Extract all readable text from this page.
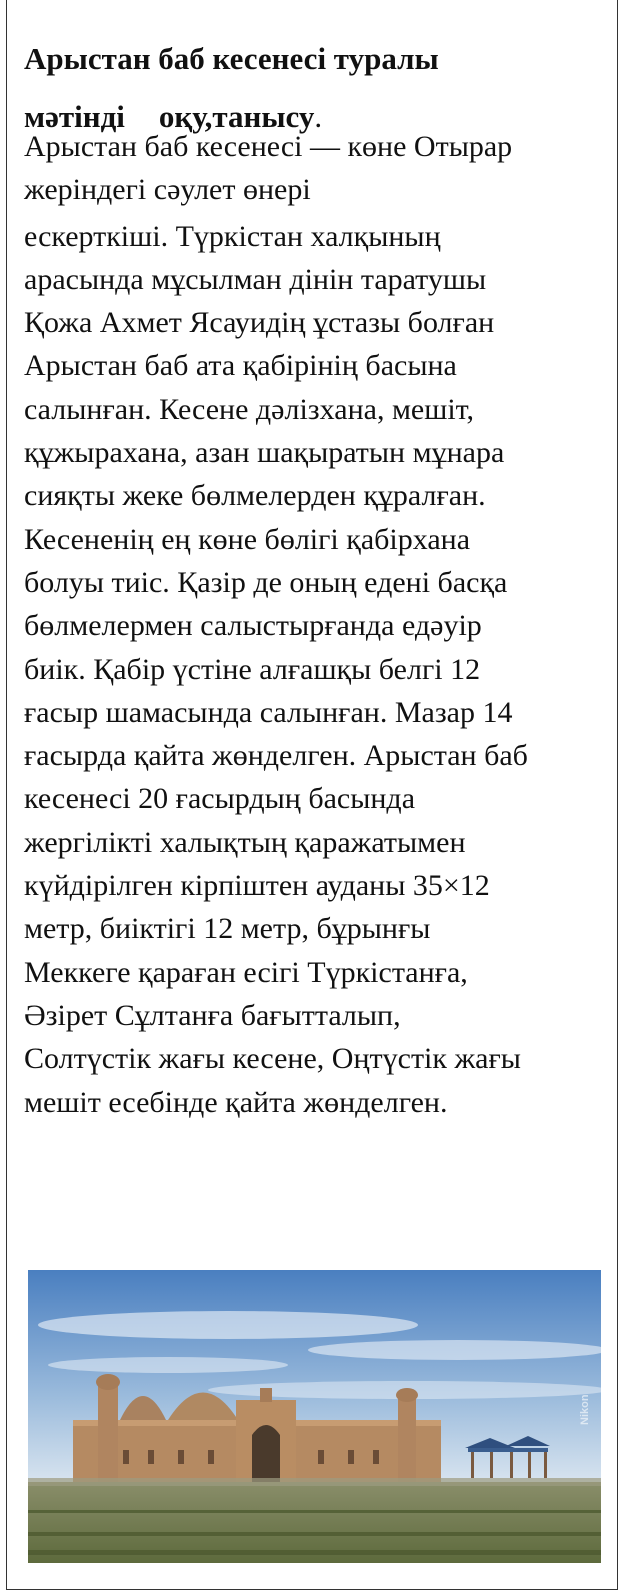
Арыстан баб кесенесі туралы
мәтінді оқу,танысу.
Арыстан баб кесенесі — көне Отырар
жеріндегі сәулет өнері
ескерткіші. Түркістан халқының
арасында мұсылман дінін таратушы
Қожа Ахмет Ясауидің ұстазы болған
Арыстан баб ата қабірінің басына
салынған. Кесене дәлізхана, мешіт,
құжырахана, азан шақыратын мұнара
сияқты жеке бөлмелерден құралған.
Кесененің ең көне бөлігі қабірхана
болуы тиіс. Қазір де оның едені басқа
бөлмелермен салыстырғанда едәуір
биік. Қабір үстіне алғашқы белгі 12
ғасыр шамасында салынған. Мазар 14
ғасырда қайта жөнделген. Арыстан баб
кесенесі 20 ғасырдың басында
жергілікті халықтың қаражатымен
күйдірілген кірпіштен ауданы 35×12
метр, биіктігі 12 метр, бұрынғы
Меккеге қараған есігі Түркістанға,
Әзірет Сұлтанға бағытталып,
Солтүстік жағы кесене, Оңтүстік жағы
мешіт есебінде қайта жөнделген.
Nikon
